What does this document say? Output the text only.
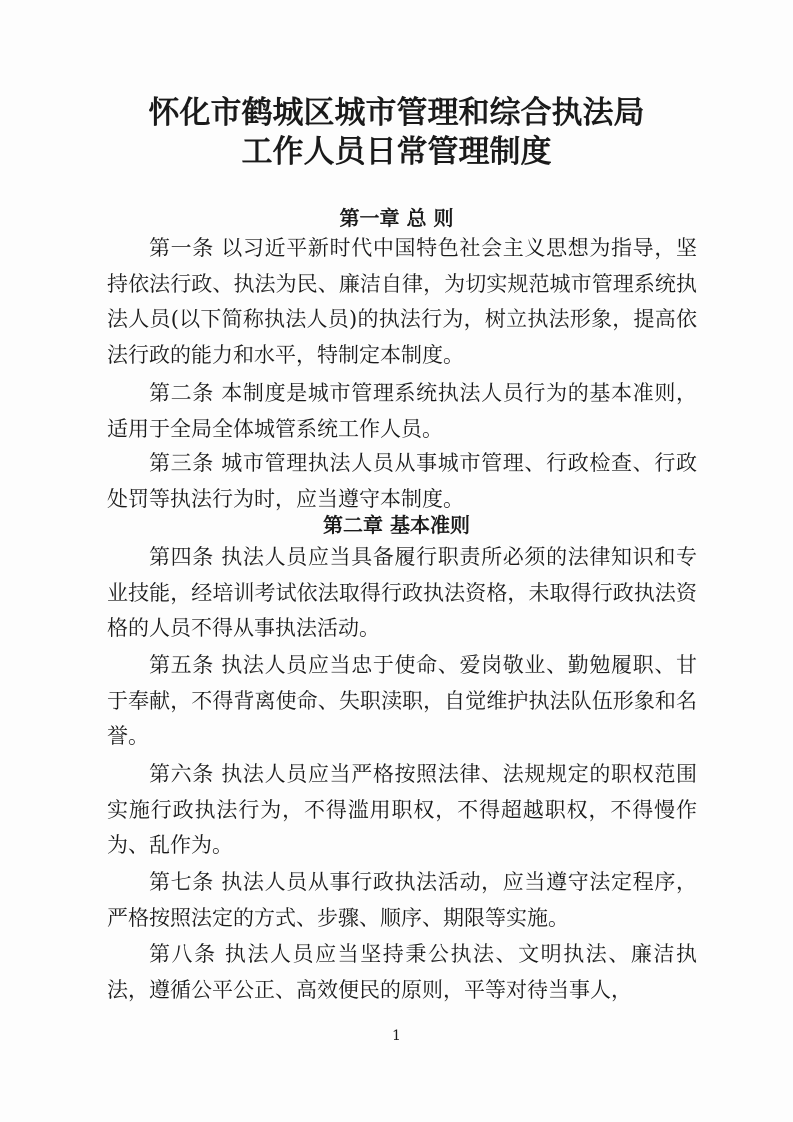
怀化市鹤城区城市管理和综合执法局
工作人员日常管理制度
第一章 总 则
第一条 以习近平新时代中国特色社会主义思想为指导，坚持依法行政、执法为民、廉洁自律，为切实规范城市管理系统执法人员(以下简称执法人员)的执法行为，树立执法形象，提高依法行政的能力和水平，特制定本制度。
第二条 本制度是城市管理系统执法人员行为的基本准则，适用于全局全体城管系统工作人员。
第三条 城市管理执法人员从事城市管理、行政检查、行政处罚等执法行为时，应当遵守本制度。
第二章 基本准则
第四条 执法人员应当具备履行职责所必须的法律知识和专业技能，经培训考试依法取得行政执法资格，未取得行政执法资格的人员不得从事执法活动。
第五条 执法人员应当忠于使命、爱岗敬业、勤勉履职、甘于奉献，不得背离使命、失职渎职，自觉维护执法队伍形象和名誉。
第六条 执法人员应当严格按照法律、法规规定的职权范围实施行政执法行为，不得滥用职权，不得超越职权，不得慢作为、乱作为。
第七条 执法人员从事行政执法活动，应当遵守法定程序，严格按照法定的方式、步骤、顺序、期限等实施。
第八条 执法人员应当坚持秉公执法、文明执法、廉洁执法，遵循公平公正、高效便民的原则，平等对待当事人，
1
